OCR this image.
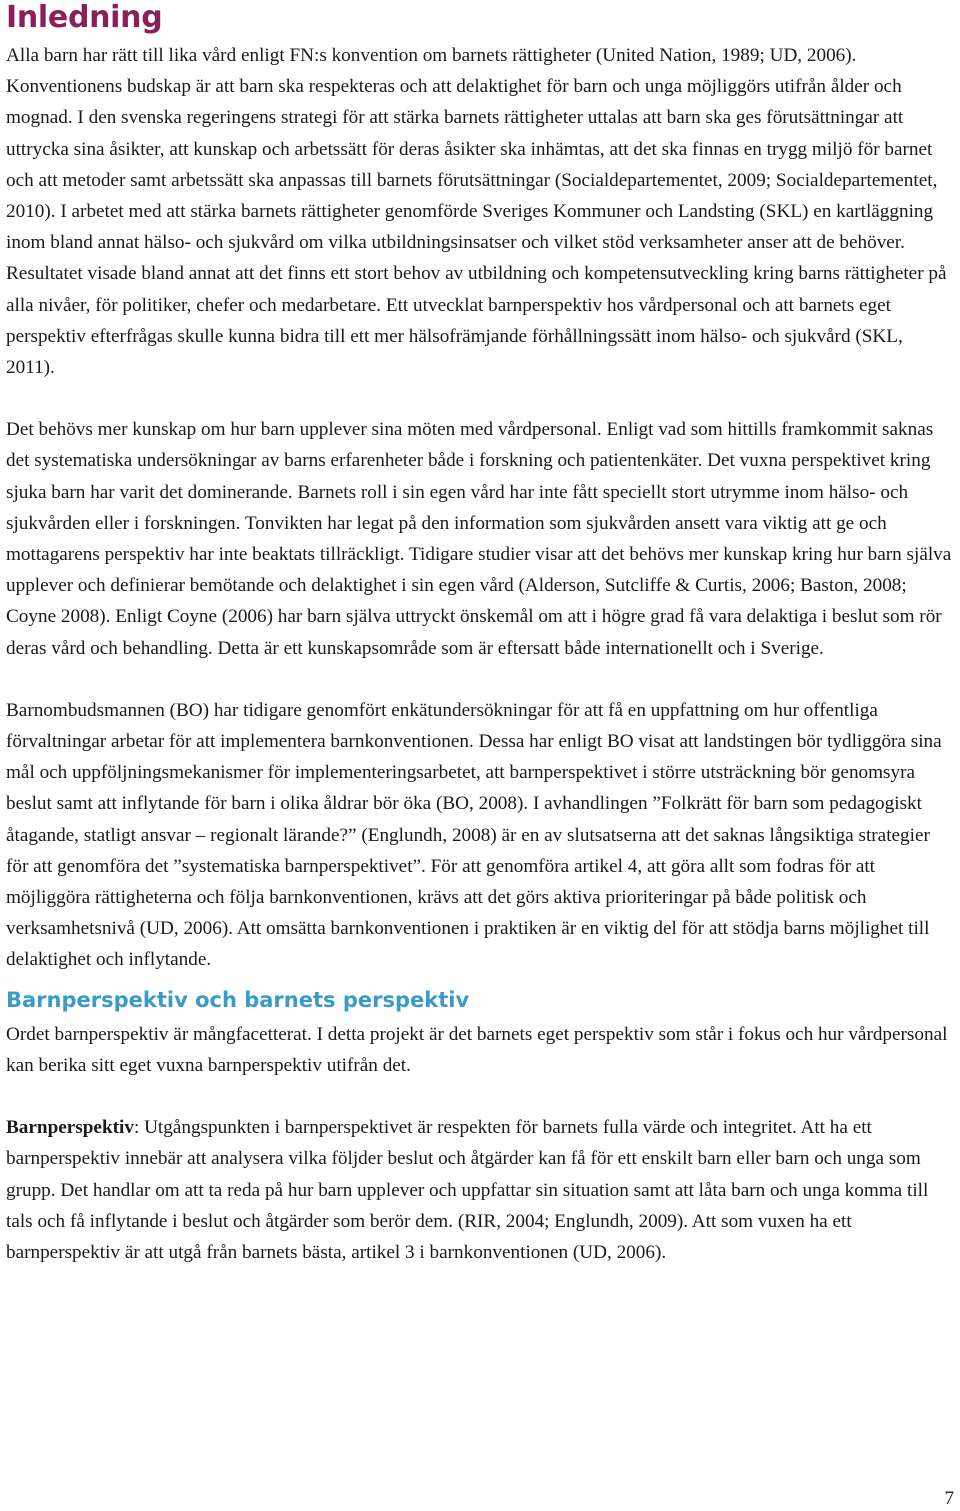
Inledning

Alla barn har rätt till lika vård enligt FN:s konvention om barnets rättigheter (United Nation, 1989; UD, 2006). Konventionens budskap är att barn ska respekteras och att delaktighet för barn och unga möjliggörs utifrån ålder och mognad. I den svenska regeringens strategi för att stärka barnets rättigheter uttalas att barn ska ges förutsättningar att uttrycka sina åsikter, att kunskap och arbetssätt för deras åsikter ska inhämtas, att det ska finnas en trygg miljö för barnet och att metoder samt arbetssätt ska anpassas till barnets förutsättningar (Socialdepartementet, 2009; Socialdepartementet, 2010). I arbetet med att stärka barnets rättigheter genomförde Sveriges Kommuner och Landsting (SKL) en kartläggning inom bland annat hälso- och sjukvård om vilka utbildningsinsatser och vilket stöd verksamheter anser att de behöver. Resultatet visade bland annat att det finns ett stort behov av utbildning och kompetensutveckling kring barns rättigheter på alla nivåer, för politiker, chefer och medarbetare. Ett utvecklat barnperspektiv hos vårdpersonal och att barnets eget perspektiv efterfrågas skulle kunna bidra till ett mer hälsofrämjande förhållningssätt inom hälso- och sjukvård (SKL, 2011).

Det behövs mer kunskap om hur barn upplever sina möten med vårdpersonal. Enligt vad som hittills framkommit saknas det systematiska undersökningar av barns erfarenheter både i forskning och patientenkäter. Det vuxna perspektivet kring sjuka barn har varit det dominerande. Barnets roll i sin egen vård har inte fått speciellt stort utrymme inom hälso- och sjukvården eller i forskningen. Tonvikten har legat på den information som sjukvården ansett vara viktig att ge och mottagarens perspektiv har inte beaktats tillräckligt. Tidigare studier visar att det behövs mer kunskap kring hur barn själva upplever och definierar bemötande och delaktighet i sin egen vård (Alderson, Sutcliffe & Curtis, 2006; Baston, 2008; Coyne 2008). Enligt Coyne (2006) har barn själva uttryckt önskemål om att i högre grad få vara delaktiga i beslut som rör deras vård och behandling. Detta är ett kunskapsområde som är eftersatt både internationellt och i Sverige.

Barnombudsmannen (BO) har tidigare genomfört enkätundersökningar för att få en uppfattning om hur offentliga förvaltningar arbetar för att implementera barnkonventionen. Dessa har enligt BO visat att landstingen bör tydliggöra sina mål och uppföljningsmekanismer för implementeringsarbetet, att barnperspektivet i större utsträckning bör genomsyra beslut samt att inflytande för barn i olika åldrar bör öka (BO, 2008). I avhandlingen ”Folkrätt för barn som pedagogiskt åtagande, statligt ansvar – regionalt lärande?” (Englundh, 2008) är en av slutsatserna att det saknas långsiktiga strategier för att genomföra det ”systematiska barnperspektivet”. För att genomföra artikel 4, att göra allt som fodras för att möjliggöra rättigheterna och följa barnkonventionen, krävs att det görs aktiva prioriteringar på både politisk och verksamhetsnivå (UD, 2006). Att omsätta barnkonventionen i praktiken är en viktig del för att stödja barns möjlighet till delaktighet och inflytande.

Barnperspektiv och barnets perspektiv

Ordet barnperspektiv är mångfacetterat. I detta projekt är det barnets eget perspektiv som står i fokus och hur vårdpersonal kan berika sitt eget vuxna barnperspektiv utifrån det.

Barnperspektiv: Utgångspunkten i barnperspektivet är respekten för barnets fulla värde och integritet. Att ha ett barnperspektiv innebär att analysera vilka följder beslut och åtgärder kan få för ett enskilt barn eller barn och unga som grupp. Det handlar om att ta reda på hur barn upplever och uppfattar sin situation samt att låta barn och unga komma till tals och få inflytande i beslut och åtgärder som berör dem. (RIR, 2004; Englundh, 2009). Att som vuxen ha ett barnperspektiv är att utgå från barnets bästa, artikel 3 i barnkonventionen (UD, 2006).

7
